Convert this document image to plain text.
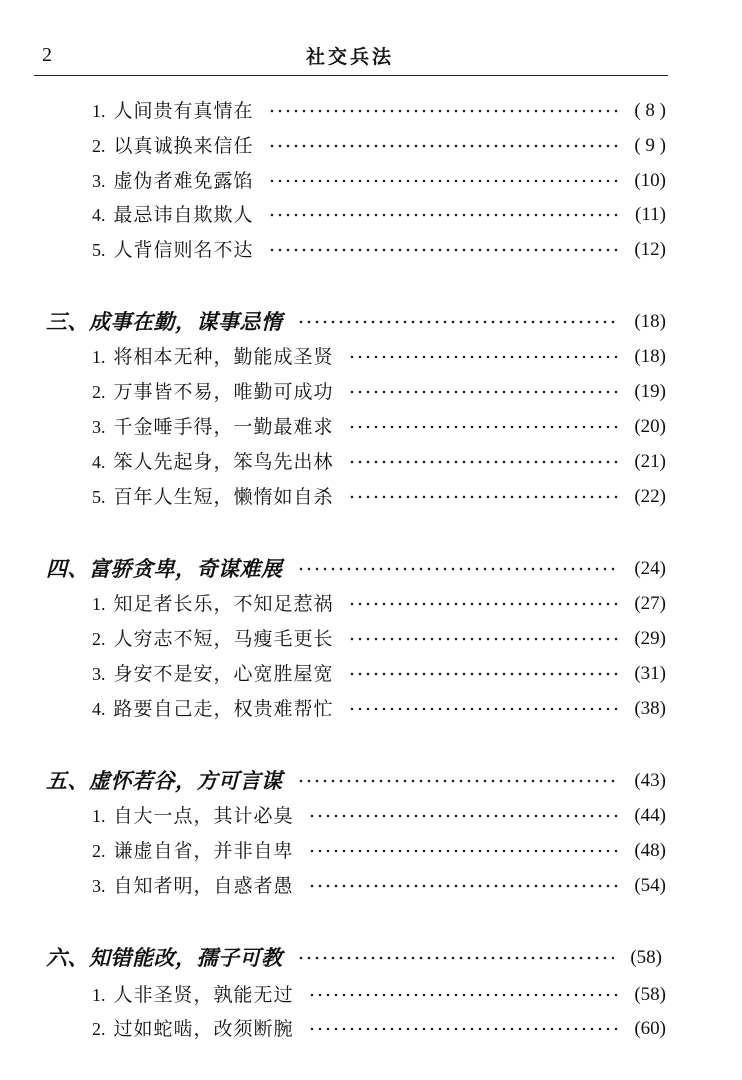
2	社交兵法
1. 人间贵有真情在	( 8 )
2. 以真诚换来信任	( 9 )
3. 虚伪者难免露馅	(10)
4. 最忌讳自欺欺人	(11)
5. 人背信则名不达	(12)
三、成事在勤，谋事忌惰	(18)
1. 将相本无种，勤能成圣贤	(18)
2. 万事皆不易，唯勤可成功	(19)
3. 千金唾手得，一勤最难求	(20)
4. 笨人先起身，笨鸟先出林	(21)
5. 百年人生短，懒惰如自杀	(22)
四、富骄贪卑，奇谋难展	(24)
1. 知足者长乐，不知足惹祸	(27)
2. 人穷志不短，马瘦毛更长	(29)
3. 身安不是安，心宽胜屋宽	(31)
4. 路要自己走，权贵难帮忙	(38)
五、虚怀若谷，方可言谋	(43)
1. 自大一点，其计必臭	(44)
2. 谦虚自省，并非自卑	(48)
3. 自知者明，自惑者愚	(54)
六、知错能改，孺子可教	(58)
1. 人非圣贤，孰能无过	(58)
2. 过如蛇啮，改须断腕	(60)
